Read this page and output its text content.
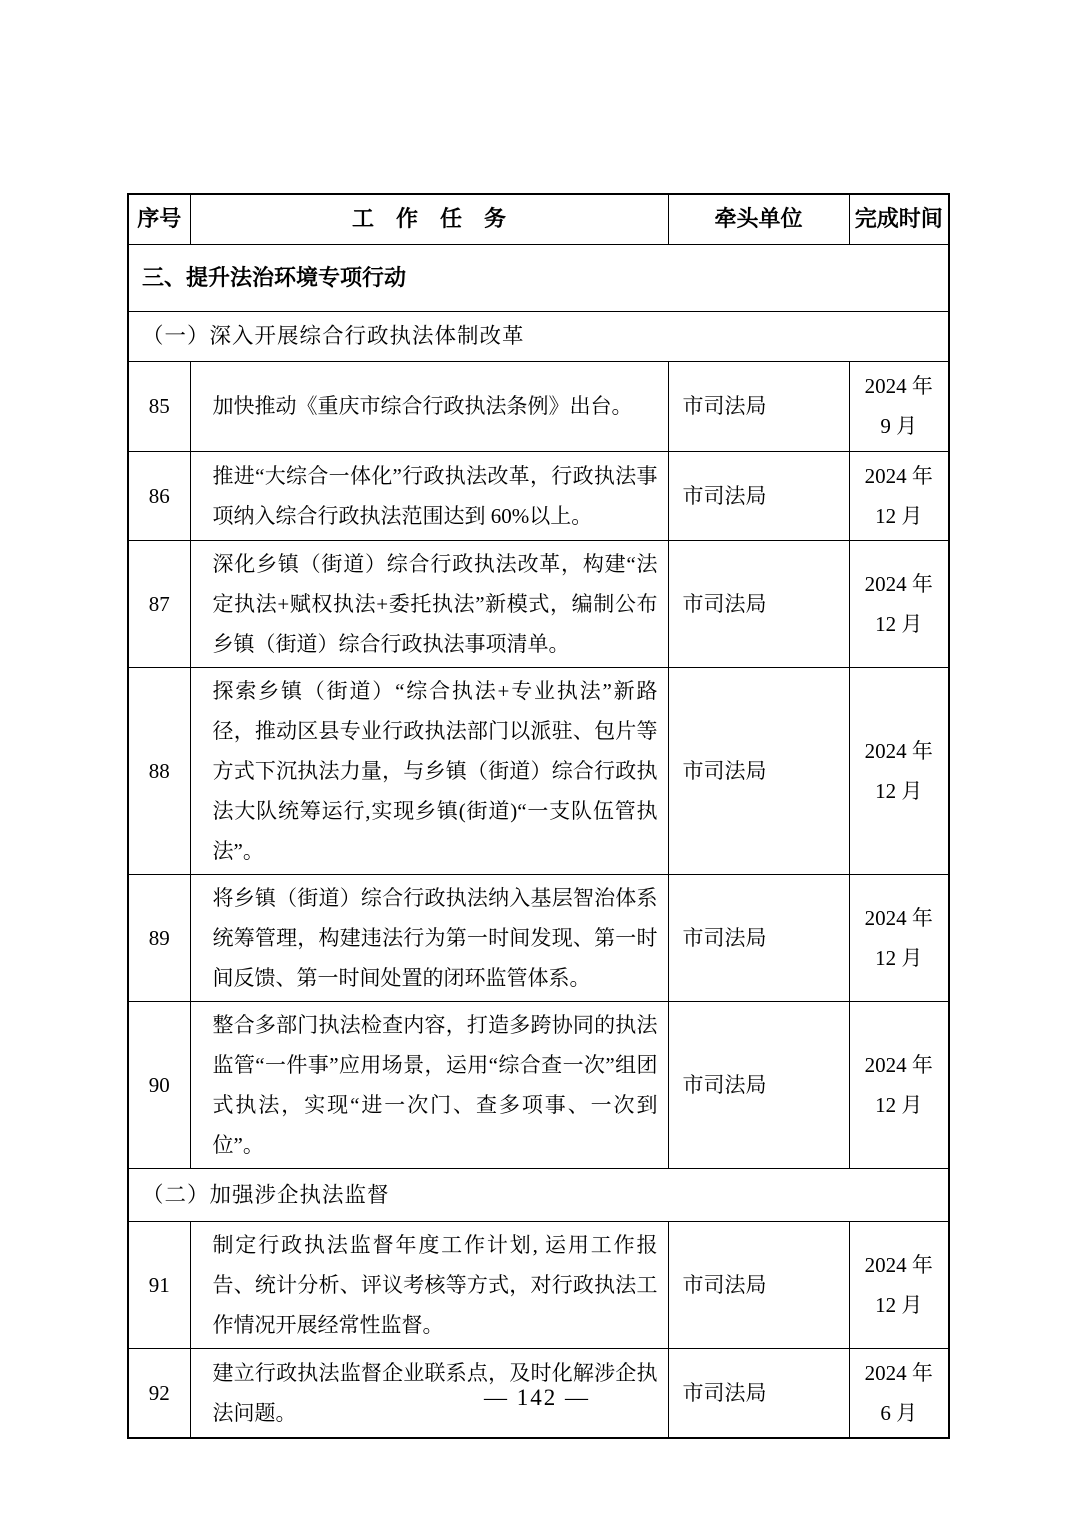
序号	工　作　任　务	牵头单位	完成时间
三、提升法治环境专项行动			
（一）深入开展综合行政执法体制改革			
85	加快推动《重庆市综合行政执法条例》出台。	市司法局	2024 年
9 月

86	推进“大综合一体化”行政执法改革，行政执法事项纳入综合行政执法范围达到 60%以上。	市司法局	2024 年
12 月

87	深化乡镇（街道）综合行政执法改革，构建“法定执法+赋权执法+委托执法”新模式，编制公布乡镇（街道）综合行政执法事项清单。	市司法局	2024 年
12 月

88	探索乡镇（街道）“综合执法+专业执法”新路径，推动区县专业行政执法部门以派驻、包片等方式下沉执法力量，与乡镇（街道）综合行政执法大队统筹运行,实现乡镇(街道)“一支队伍管执法”。	市司法局	2024 年
12 月

89	将乡镇（街道）综合行政执法纳入基层智治体系统筹管理，构建违法行为第一时间发现、第一时间反馈、第一时间处置的闭环监管体系。	市司法局	2024 年
12 月

90	整合多部门执法检查内容，打造多跨协同的执法监管“一件事”应用场景，运用“综合查一次”组团式执法，实现“进一次门、查多项事、一次到位”。	市司法局	2024 年
12 月

（二）加强涉企执法监督			
91	制定行政执法监督年度工作计划, 运用工作报告、统计分析、评议考核等方式，对行政执法工作情况开展经常性监督。	市司法局	2024 年
12 月

92	建立行政执法监督企业联系点，及时化解涉企执法问题。	市司法局	2024 年
6 月
— 142 —
